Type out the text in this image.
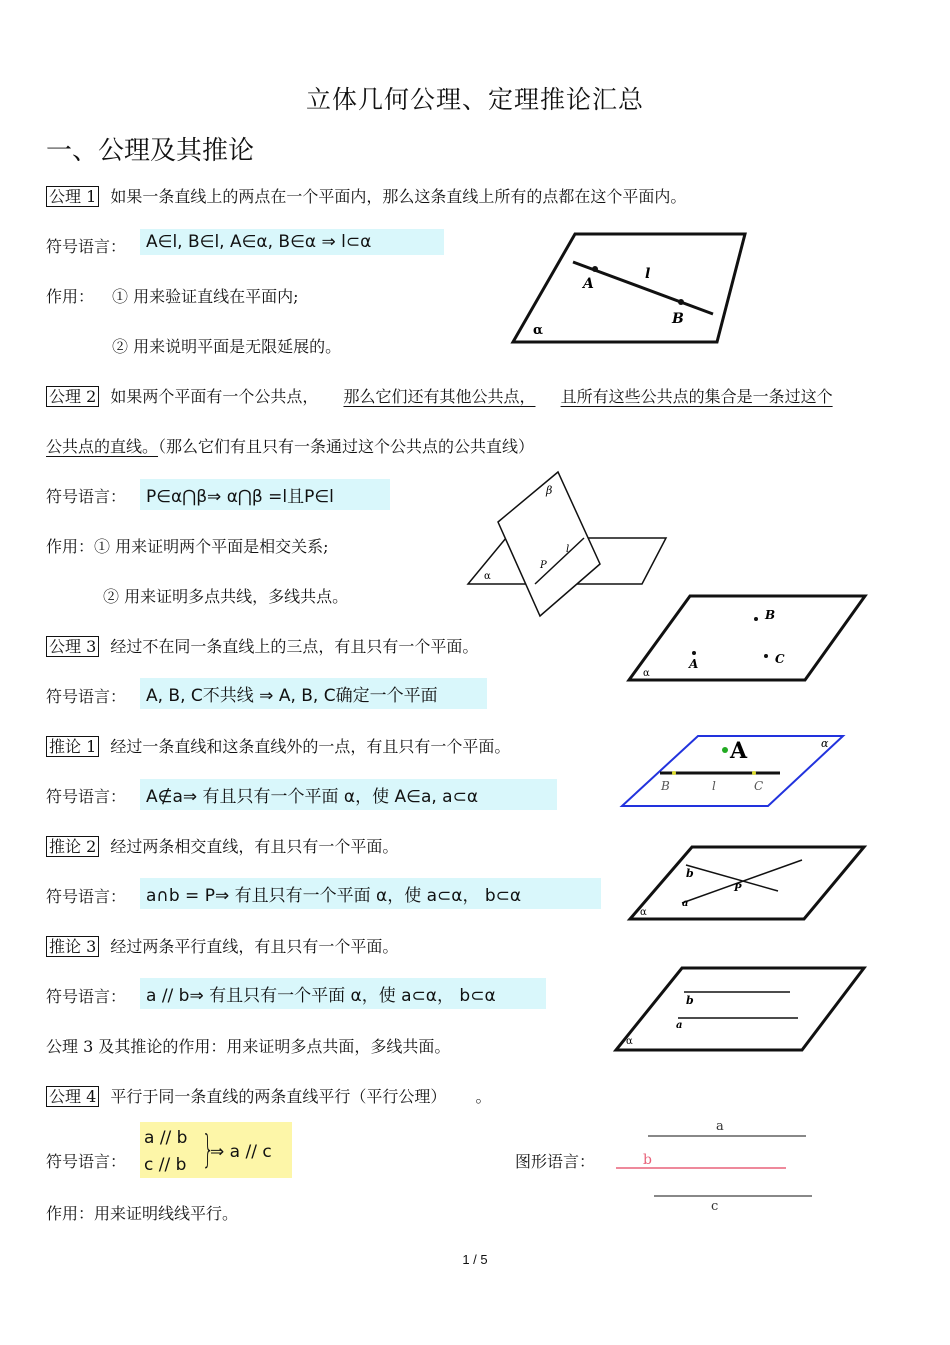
立体几何公理、定理推论汇总
一、公理及其推论
公理 1 如果一条直线上的两点在一个平面内，那么这条直线上所有的点都在这个平面内。
符号语言：	A∈l, B∈l, A∈α, B∈α ⇒ l⊂α
作用： ① 用来验证直线在平面内;
② 用来说明平面是无限延展的。
A
l
B
α
公理 2 如果两个平面有一个公共点， 那么它们还有其他公共点， 且所有这些公共点的集合是一条过这个
公共点的直线。（那么它们有且只有一条通过这个公共点的公共直线）
符号语言：	P∈α⋂β⇒ α⋂β =l且P∈l
作用：① 用来证明两个平面是相交关系;
② 用来证明多点共线，多线共点。
β
α
P
l
B
A	C
α
公理 3 经过不在同一条直线上的三点，有且只有一个平面。
符号语言：	A, B, C不共线 ⇒ A, B, C确定一个平面
推论 1 经过一条直线和这条直线外的一点，有且只有一个平面。
符号语言：	A∉a⇒ 有且只有一个平面 α，使 A∈a, a⊂α
A	α
B	l	C
推论 2 经过两条相交直线，有且只有一个平面。
符号语言：	a∩b = P⇒ 有且只有一个平面 α，使 a⊂α， b⊂α
b
P
a
α
推论 3 经过两条平行直线，有且只有一个平面。
符号语言：	a // b⇒ 有且只有一个平面 α，使 a⊂α， b⊂α	b
a
α
公理 3 及其推论的作用：用来证明多点共面，多线共面。
公理 4 平行于同一条直线的两条直线平行（平行公理） 。
符号语言：
a // b
c // b }
⇒ a // c	图形语言：
a
b
c
作用：用来证明线线平行。
1 / 5
